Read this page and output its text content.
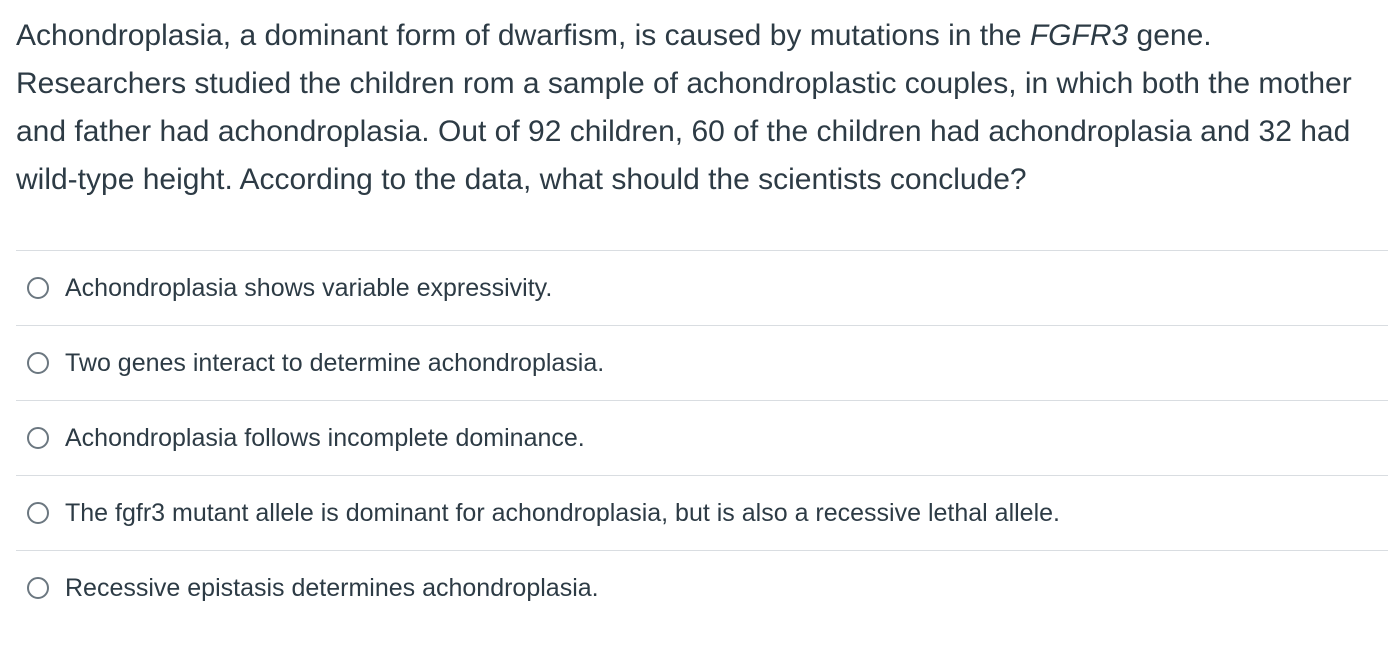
Achondroplasia, a dominant form of dwarfism, is caused by mutations in the FGFR3 gene. Researchers studied the children rom a sample of achondroplastic couples, in which both the mother and father had achondroplasia. Out of 92 children, 60 of the children had achondroplasia and 32 had wild-type height. According to the data, what should the scientists conclude?
Achondroplasia shows variable expressivity.
Two genes interact to determine achondroplasia.
Achondroplasia follows incomplete dominance.
The fgfr3 mutant allele is dominant for achondroplasia, but is also a recessive lethal allele.
Recessive epistasis determines achondroplasia.
